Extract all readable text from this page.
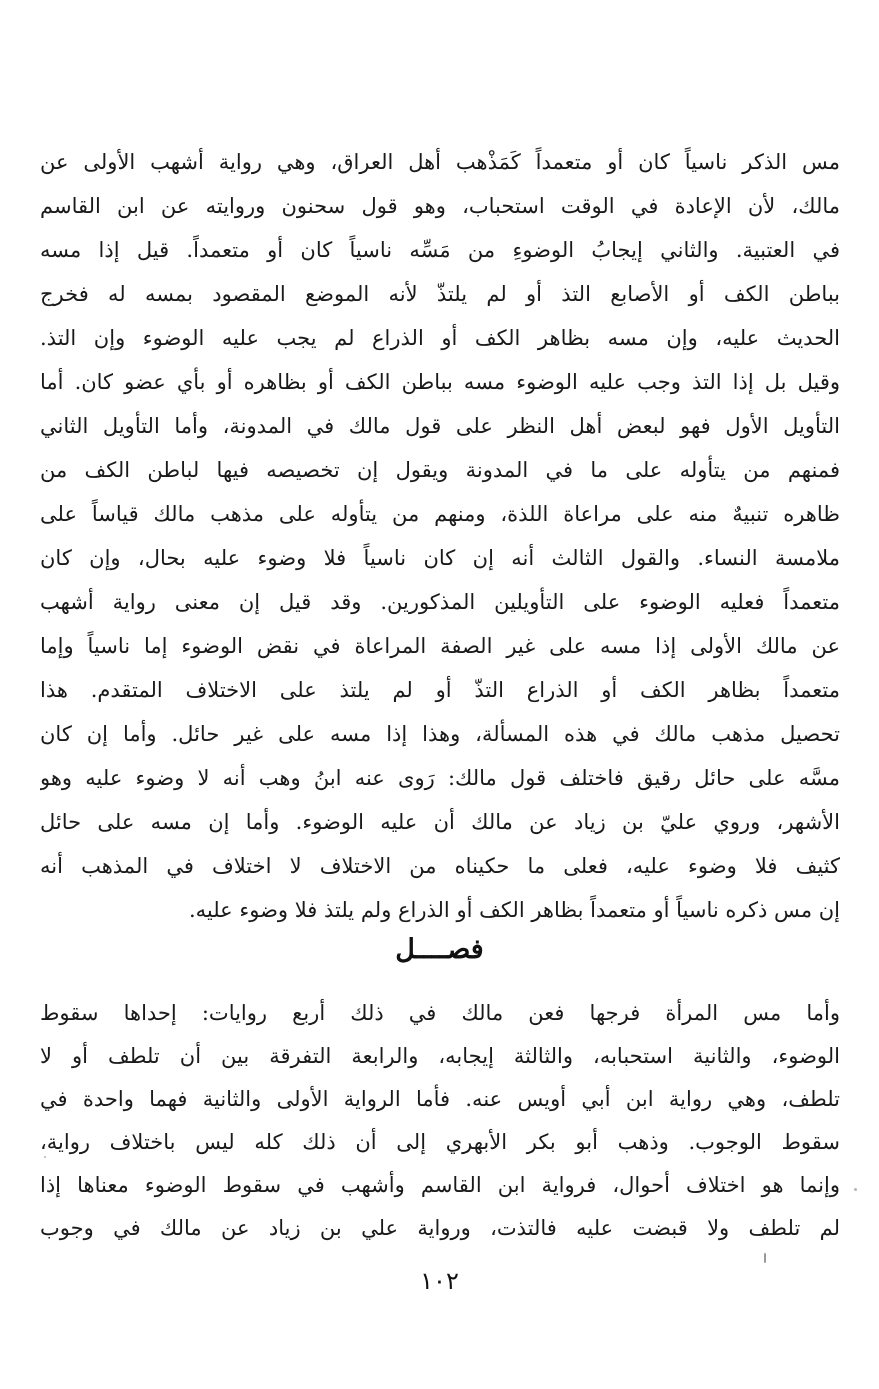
مس الذكر ناسياً كان أو متعمداً كَمَذْهب أهل العراق، وهي رواية أشهب الأولى عن
مالك، لأن الإعادة في الوقت استحباب، وهو قول سحنون وروايته عن ابن القاسم
في العتبية. والثاني إيجابُ الوضوءِ من مَسِّه ناسياً كان أو متعمداً. قيل إذا مسه
بباطن الكف أو الأصابع التذ أو لم يلتذّ لأنه الموضع المقصود بمسه له فخرج
الحديث عليه، وإن مسه بظاهر الكف أو الذراع لم يجب عليه الوضوء وإن التذ.
وقيل بل إذا التذ وجب عليه الوضوء مسه بباطن الكف أو بظاهره أو بأي عضو كان. أما
التأويل الأول فهو لبعض أهل النظر على قول مالك في المدونة، وأما التأويل الثاني
فمنهم من يتأوله على ما في المدونة ويقول إن تخصيصه فيها لباطن الكف من
ظاهره تنبيهٌ منه على مراعاة اللذة، ومنهم من يتأوله على مذهب مالك قياساً على
ملامسة النساء. والقول الثالث أنه إن كان ناسياً فلا وضوء عليه بحال، وإن كان
متعمداً فعليه الوضوء على التأويلين المذكورين. وقد قيل إن معنى رواية أشهب
عن مالك الأولى إذا مسه على غير الصفة المراعاة في نقض الوضوء إما ناسياً وإما
متعمداً بظاهر الكف أو الذراع التذّ أو لم يلتذ على الاختلاف المتقدم. هذا
تحصيل مذهب مالك في هذه المسألة، وهذا إذا مسه على غير حائل. وأما إن كان
مسَّه على حائل رقيق فاختلف قول مالك: رَوى عنه ابنُ وهب أنه لا وضوء عليه وهو
الأشهر، وروي عليّ بن زياد عن مالك أن عليه الوضوء. وأما إن مسه على حائل
كثيف فلا وضوء عليه، فعلى ما حكيناه من الاختلاف لا اختلاف في المذهب أنه
إن مس ذكره ناسياً أو متعمداً بظاهر الكف أو الذراع ولم يلتذ فلا وضوء عليه.
فصــــل
وأما مس المرأة فرجها فعن مالك في ذلك أربع روايات: إحداها سقوط
الوضوء، والثانية استحبابه، والثالثة إيجابه، والرابعة التفرقة بين أن تلطف أو لا
تلطف، وهي رواية ابن أبي أويس عنه. فأما الرواية الأولى والثانية فهما واحدة في
سقوط الوجوب. وذهب أبو بكر الأبهري إلى أن ذلك كله ليس باختلاف رواية،
وإنما هو اختلاف أحوال، فرواية ابن القاسم وأشهب في سقوط الوضوء معناها إذا
لم تلطف ولا قبضت عليه فالتذت، ورواية علي بن زياد عن مالك في وجوب
١٠٢
